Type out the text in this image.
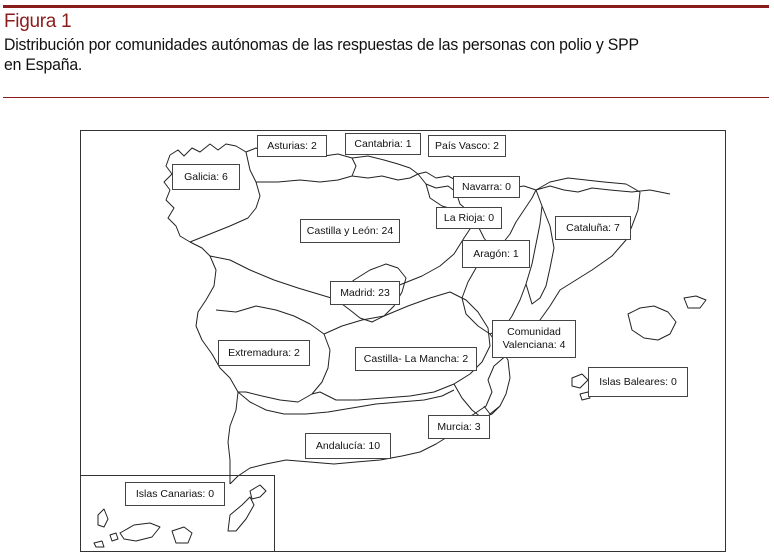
Figura 1
Distribución por comunidades autónomas de las respuestas de las personas con polio y SPP en España.
Asturias: 2	Cantabria: 1	País Vasco: 2
Galicia: 6
Navarra: 0
La Rioja: 0
Castilla y León: 24	Cataluña: 7
Aragón: 1
Madrid: 23
Comunidad Valenciana: 4
Extremadura: 2	Castilla- La Mancha: 2
Islas Baleares: 0
Murcia: 3
Andalucía: 10
Islas Canarias: 0
